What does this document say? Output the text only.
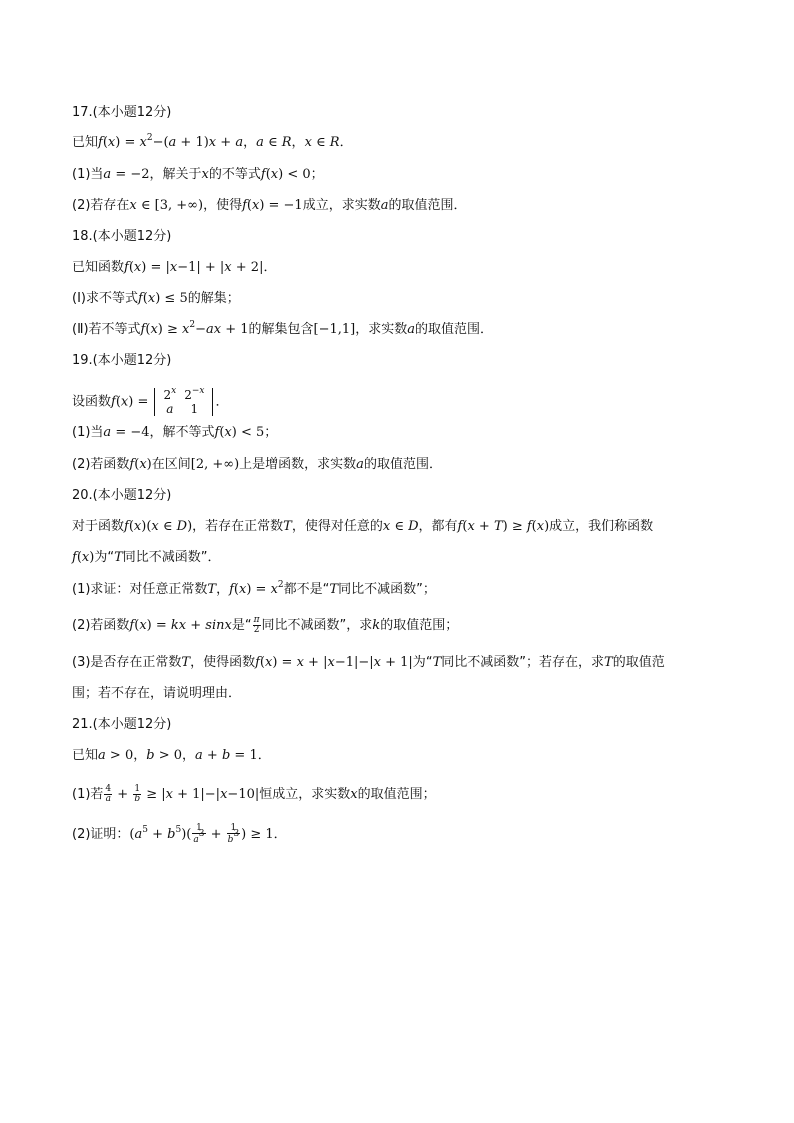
17.(本小题12分)
已知$f(x) = x^2-(a + 1)x + a$，a ∈ R，x ∈ R．
(1)当a = −2，解关于x的不等式f(x) < 0；
(2)若存在x ∈ [3, +∞)，使得f(x) = −1成立，求实数a的取值范围．
18.(本小题12分)
已知函数f(x) = |x−1| + |x + 2|．
(Ⅰ)求不等式f(x) ≤ 5的解集；
(Ⅱ)若不等式$f(x) \ge x^2-ax + 1$的解集包含[−1,1]，求实数a的取值范围．
19.(本小题12分)
设函数$f(x) = 2^x$	$2^{-x}$
a	1 ．
(1)当a = −4，解不等式f(x) < 5；
(2)若函数f(x)在区间[2, +∞)上是增函数，求实数a的取值范围．
20.(本小题12分)
对于函数f(x)(x ∈ D)，若存在正常数T，使得对任意的x ∈ D，都有f(x + T) ≥ f(x)成立，我们称函数
f(x)为“T同比不减函数”．
(1)求证：对任意正常数T，$f(x) = x^2$都不是“T同比不减函数”；
(2)若函数f(x) = kx + sinx是“ $\frac{\pi}{2}$ 同比不减函数”，求k的取值范围；
(3)是否存在正常数T，使得函数f(x) = x + |x−1|−|x + 1|为“T同比不减函数”；若存在，求T的取值范
围；若不存在，请说明理由．
21.(本小题12分)
已知a > 0，b > 0，a + b = 1．
(1)若 $\frac{4}{a} + \frac{1}{b} \ge |x + 1|-|x-10|$恒成立，求实数x的取值范围；
(2)证明：$(a^5 + b^5)( \frac{1}{a^3} + \frac{1}{b^3}$ ) ≥ 1．
